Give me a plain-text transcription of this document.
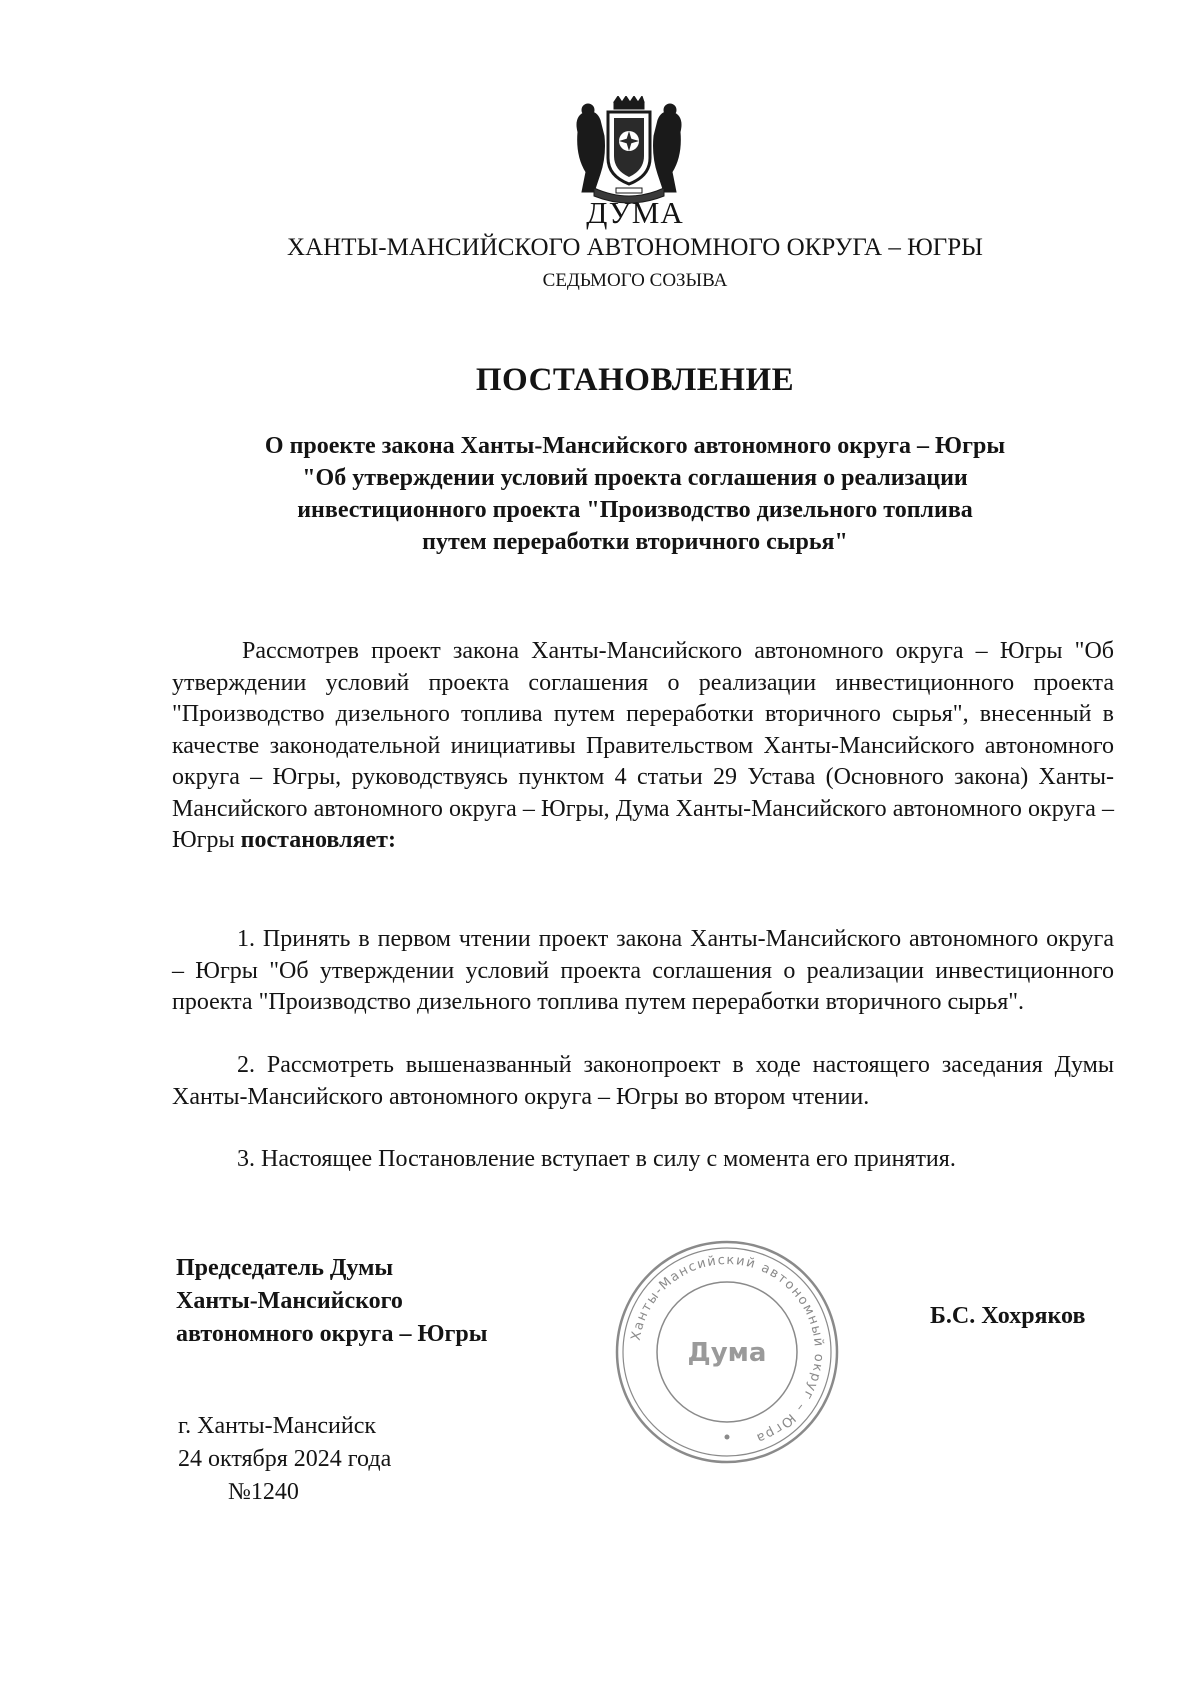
ДУМА

ХАНТЫ-МАНСИЙСКОГО АВТОНОМНОГО ОКРУГА – ЮГРЫ

СЕДЬМОГО СОЗЫВА

ПОСТАНОВЛЕНИЕ
О проекте закона Ханты-Мансийского автономного округа – Югры
"Об утверждении условий проекта соглашения о реализации
инвестиционного проекта "Производство дизельного топлива
путем переработки вторичного сырья"

Рассмотрев проект закона Ханты-Мансийского автономного округа – Югры "Об утверждении условий проекта соглашения о реализации инвестиционного проекта "Производство дизельного топлива путем переработки вторичного сырья", внесенный в качестве законодательной инициативы Правительством Ханты-Мансийского автономного округа – Югры, руководствуясь пунктом 4 статьи 29 Устава (Основного закона) Ханты-Мансийского автономного округа – Югры, Дума Ханты-Мансийского автономного округа – Югры постановляет:

1. Принять в первом чтении проект закона Ханты-Мансийского автономного округа – Югры "Об утверждении условий проекта соглашения о реализации инвестиционного проекта "Производство дизельного топлива путем переработки вторичного сырья".

2. Рассмотреть вышеназванный законопроект в ходе настоящего заседания Думы Ханты-Мансийского автономного округа – Югры во втором чтении.

3. Настоящее Постановление вступает в силу с момента его принятия.

Председатель Думы
Ханты-Мансийского
автономного округа – Югры	Ханты-Мансийский автономный округ – Югра
Дума

Б.С. Хохряков

г. Ханты-Мансийск

24 октября 2024 года

№1240
